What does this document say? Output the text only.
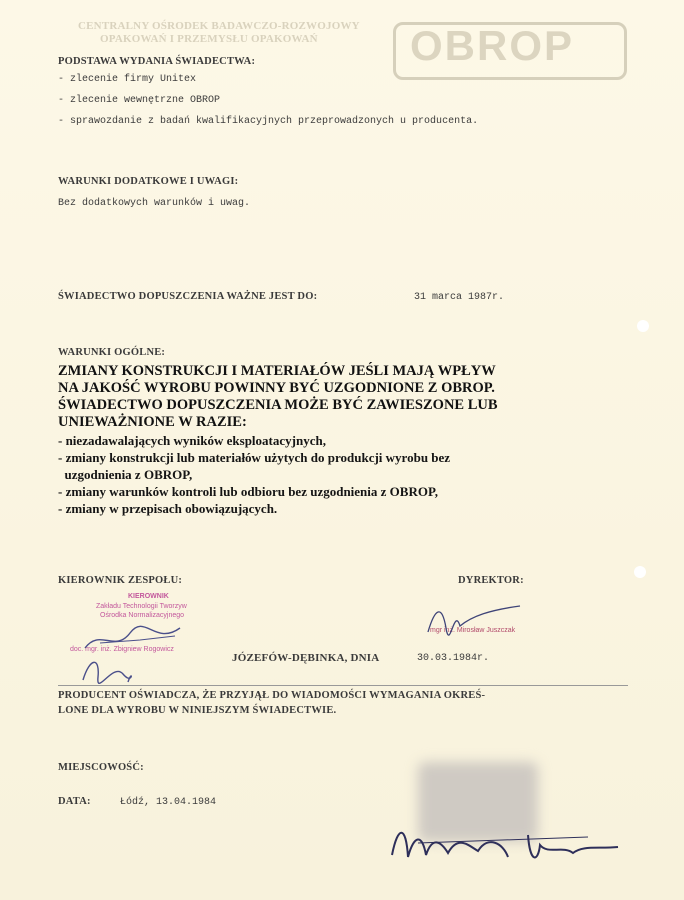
CENTRALNY OŚRODEK BADAWCZO-ROZWOJOWY
OPAKOWAŃ I PRZEMYSŁU OPAKOWAŃ OBROP
PODSTAWA WYDANIA ŚWIADECTWA:
- zlecenie firmy Unitex
- zlecenie wewnętrzne OBROP
- sprawozdanie z badań kwalifikacyjnych przeprowadzonych u producenta.
WARUNKI DODATKOWE I UWAGI:
Bez dodatkowych warunków i uwag.
ŚWIADECTWO DOPUSZCZENIA WAŻNE JEST DO:	31 marca 1987r.
WARUNKI OGÓLNE:
ZMIANY KONSTRUKCJI I MATERIAŁÓW JEŚLI MAJĄ WPŁYW
NA JAKOŚĆ WYROBU POWINNY BYĆ UZGODNIONE Z OBROP.
ŚWIADECTWO DOPUSZCZENIA MOŻE BYĆ ZAWIESZONE LUB
UNIEWAŻNIONE W RAZIE:
- niezadawalających wyników eksploatacyjnych,
- zmiany konstrukcji lub materiałów użytych do produkcji wyrobu bez
uzgodnienia z OBROP,
- zmiany warunków kontroli lub odbioru bez uzgodnienia z OBROP,
- zmiany w przepisach obowiązujących.
KIEROWNIK ZESPOŁU:	DYREKTOR:
KIEROWNIK
Zakładu Technologii Tworzyw
Ośrodka Normalizacyjnego
doc. mgr. inż. Zbigniew Rogowicz
mgr inż. Mirosław Juszczak
JÓZEFÓW-DĘBINKA, DNIA	30.03.1984r.
PRODUCENT OŚWIADCZA, ŻE PRZYJĄŁ DO WIADOMOŚCI WYMAGANIA OKREŚ-
LONE DLA WYROBU W NINIEJSZYM ŚWIADECTWIE.
MIEJSCOWOŚĆ:
DATA:	Łódź, 13.04.1984
